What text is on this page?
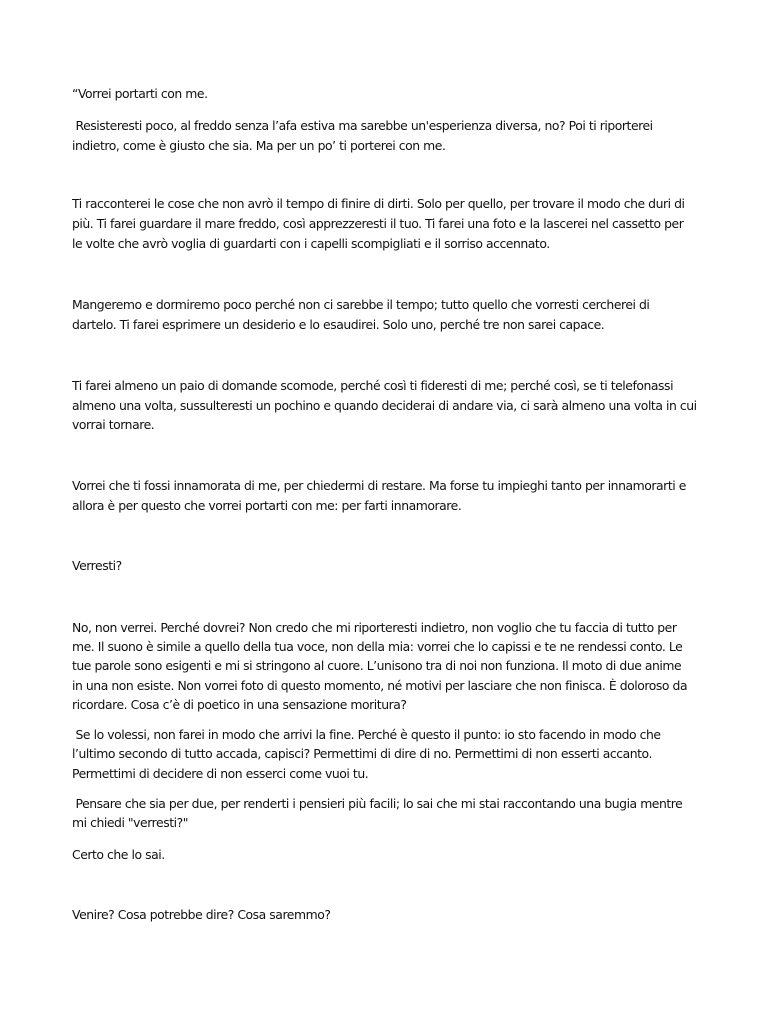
“Vorrei portarti con me.

Resisteresti poco, al freddo senza l’afa estiva ma sarebbe un'esperienza diversa, no? Poi ti riporterei

indietro, come è giusto che sia. Ma per un po’ ti porterei con me.

Ti racconterei le cose che non avrò il tempo di finire di dirti. Solo per quello, per trovare il modo che duri di

più. Ti farei guardare il mare freddo, così apprezzeresti il tuo. Ti farei una foto e la lascerei nel cassetto per

le volte che avrò voglia di guardarti con i capelli scompigliati e il sorriso accennato.

Mangeremo e dormiremo poco perché non ci sarebbe il tempo; tutto quello che vorresti cercherei di

dartelo. Ti farei esprimere un desiderio e lo esaudirei. Solo uno, perché tre non sarei capace.

Ti farei almeno un paio di domande scomode, perché così ti fideresti di me; perché così, se ti telefonassi

almeno una volta, sussulteresti un pochino e quando deciderai di andare via, ci sarà almeno una volta in cui

vorrai tornare.

Vorrei che ti fossi innamorata di me, per chiedermi di restare. Ma forse tu impieghi tanto per innamorarti e

allora è per questo che vorrei portarti con me: per farti innamorare.

Verresti?

No, non verrei. Perché dovrei? Non credo che mi riporteresti indietro, non voglio che tu faccia di tutto per

me. Il suono è simile a quello della tua voce, non della mia: vorrei che lo capissi e te ne rendessi conto. Le

tue parole sono esigenti e mi si stringono al cuore. L’unisono tra di noi non funziona. Il moto di due anime

in una non esiste. Non vorrei foto di questo momento, né motivi per lasciare che non finisca. È doloroso da

ricordare. Cosa c’è di poetico in una sensazione moritura?

Se lo volessi, non farei in modo che arrivi la fine. Perché è questo il punto: io sto facendo in modo che

l’ultimo secondo di tutto accada, capisci? Permettimi di dire di no. Permettimi di non esserti accanto.

Permettimi di decidere di non esserci come vuoi tu.

Pensare che sia per due, per renderti i pensieri più facili; lo sai che mi stai raccontando una bugia mentre

mi chiedi "verresti?"

Certo che lo sai.

Venire? Cosa potrebbe dire? Cosa saremmo?
